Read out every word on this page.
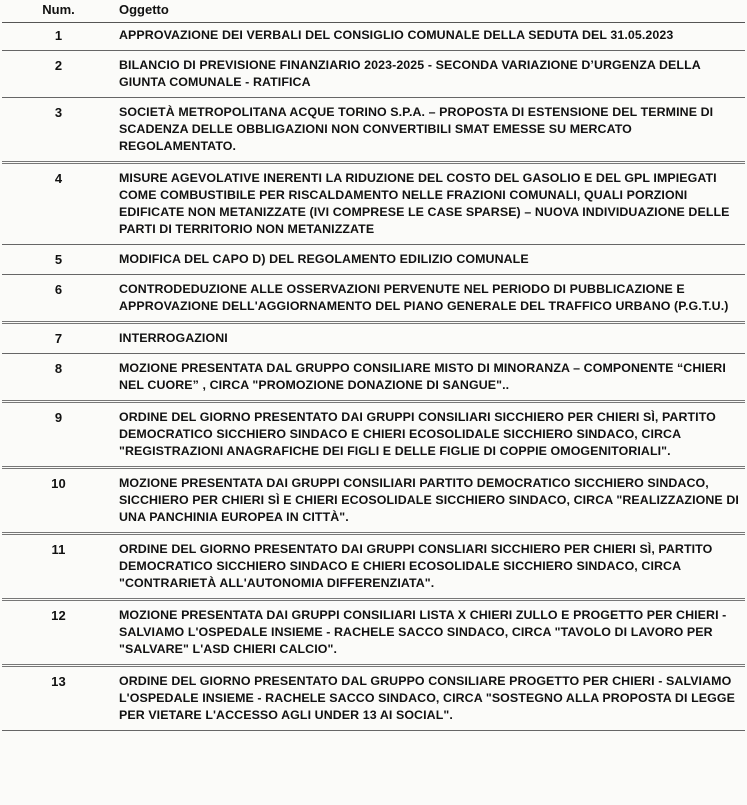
Num.	Oggetto
1	APPROVAZIONE DEI VERBALI DEL CONSIGLIO COMUNALE DELLA SEDUTA DEL 31.05.2023
2	BILANCIO DI PREVISIONE FINANZIARIO 2023-2025 - SECONDA VARIAZIONE D’URGENZA DELLA GIUNTA COMUNALE - RATIFICA
3	SOCIETÀ METROPOLITANA ACQUE TORINO S.P.A. – PROPOSTA DI ESTENSIONE DEL TERMINE DI SCADENZA DELLE OBBLIGAZIONI NON CONVERTIBILI SMAT EMESSE SU MERCATO REGOLAMENTATO.
4	MISURE AGEVOLATIVE INERENTI LA RIDUZIONE DEL COSTO DEL GASOLIO E DEL GPL IMPIEGATI COME COMBUSTIBILE PER RISCALDAMENTO NELLE FRAZIONI COMUNALI, QUALI PORZIONI EDIFICATE NON METANIZZATE (IVI COMPRESE LE CASE SPARSE) – NUOVA INDIVIDUAZIONE DELLE PARTI DI TERRITORIO NON METANIZZATE
5	MODIFICA DEL CAPO D) DEL REGOLAMENTO EDILIZIO COMUNALE
6	CONTRODEDUZIONE ALLE OSSERVAZIONI PERVENUTE NEL PERIODO DI PUBBLICAZIONE E APPROVAZIONE DELL'AGGIORNAMENTO DEL PIANO GENERALE DEL TRAFFICO URBANO (P.G.T.U.)
7	INTERROGAZIONI
8	MOZIONE PRESENTATA DAL GRUPPO CONSILIARE MISTO DI MINORANZA – COMPONENTE “CHIERI NEL CUORE” , CIRCA "PROMOZIONE DONAZIONE DI SANGUE"..
9	ORDINE DEL GIORNO PRESENTATO DAI GRUPPI CONSILIARI SICCHIERO PER CHIERI SÌ, PARTITO DEMOCRATICO SICCHIERO SINDACO E CHIERI ECOSOLIDALE SICCHIERO SINDACO, CIRCA "REGISTRAZIONI ANAGRAFICHE DEI FIGLI E DELLE FIGLIE DI COPPIE OMOGENITORIALI".
10	MOZIONE PRESENTATA DAI GRUPPI CONSILIARI PARTITO DEMOCRATICO SICCHIERO SINDACO, SICCHIERO PER CHIERI SÌ E CHIERI ECOSOLIDALE SICCHIERO SINDACO, CIRCA "REALIZZAZIONE DI UNA PANCHINIA EUROPEA IN CITTÀ".
11	ORDINE DEL GIORNO PRESENTATO DAI GRUPPI CONSLIARI SICCHIERO PER CHIERI SÌ, PARTITO DEMOCRATICO SICCHIERO SINDACO E CHIERI ECOSOLIDALE SICCHIERO SINDACO, CIRCA "CONTRARIETÀ ALL'AUTONOMIA DIFFERENZIATA".
12	MOZIONE PRESENTATA DAI GRUPPI CONSILIARI LISTA X CHIERI ZULLO E PROGETTO PER CHIERI - SALVIAMO L'OSPEDALE INSIEME - RACHELE SACCO SINDACO, CIRCA "TAVOLO DI LAVORO PER "SALVARE" L'ASD CHIERI CALCIO".
13	ORDINE DEL GIORNO PRESENTATO DAL GRUPPO CONSILIARE PROGETTO PER CHIERI - SALVIAMO L'OSPEDALE INSIEME - RACHELE SACCO SINDACO, CIRCA "SOSTEGNO ALLA PROPOSTA DI LEGGE PER VIETARE L'ACCESSO AGLI UNDER 13 AI SOCIAL".
